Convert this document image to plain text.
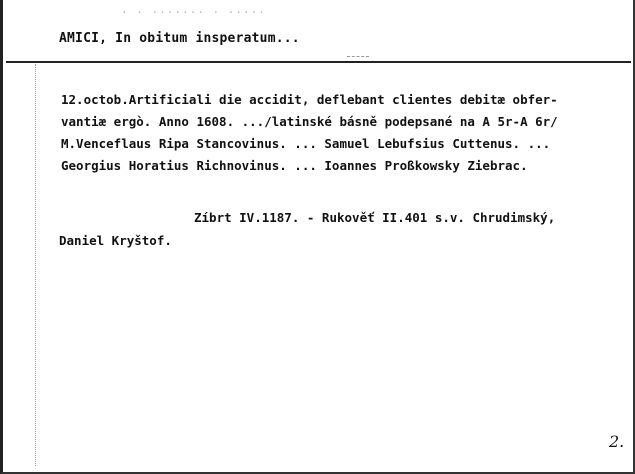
· · ······· · ·····
AMICI, In obitum insperatum...
12.octob.Artificiali die accidit, deflebant clientes debitæ obfer-
vantiæ ergò. Anno 1608. .../latinské básně podepsané na A 5r-A 6r/
M.Venceflaus Ripa Stancovinus. ... Samuel Lebufsius Cuttenus. ...
Georgius Horatius Richnovinus. ... Ioannes Proßkowsky Ziebrac.
Zíbrt IV.1187. - Rukověť II.401 s.v. Chrudimský,
Daniel Kryštof.
2.
